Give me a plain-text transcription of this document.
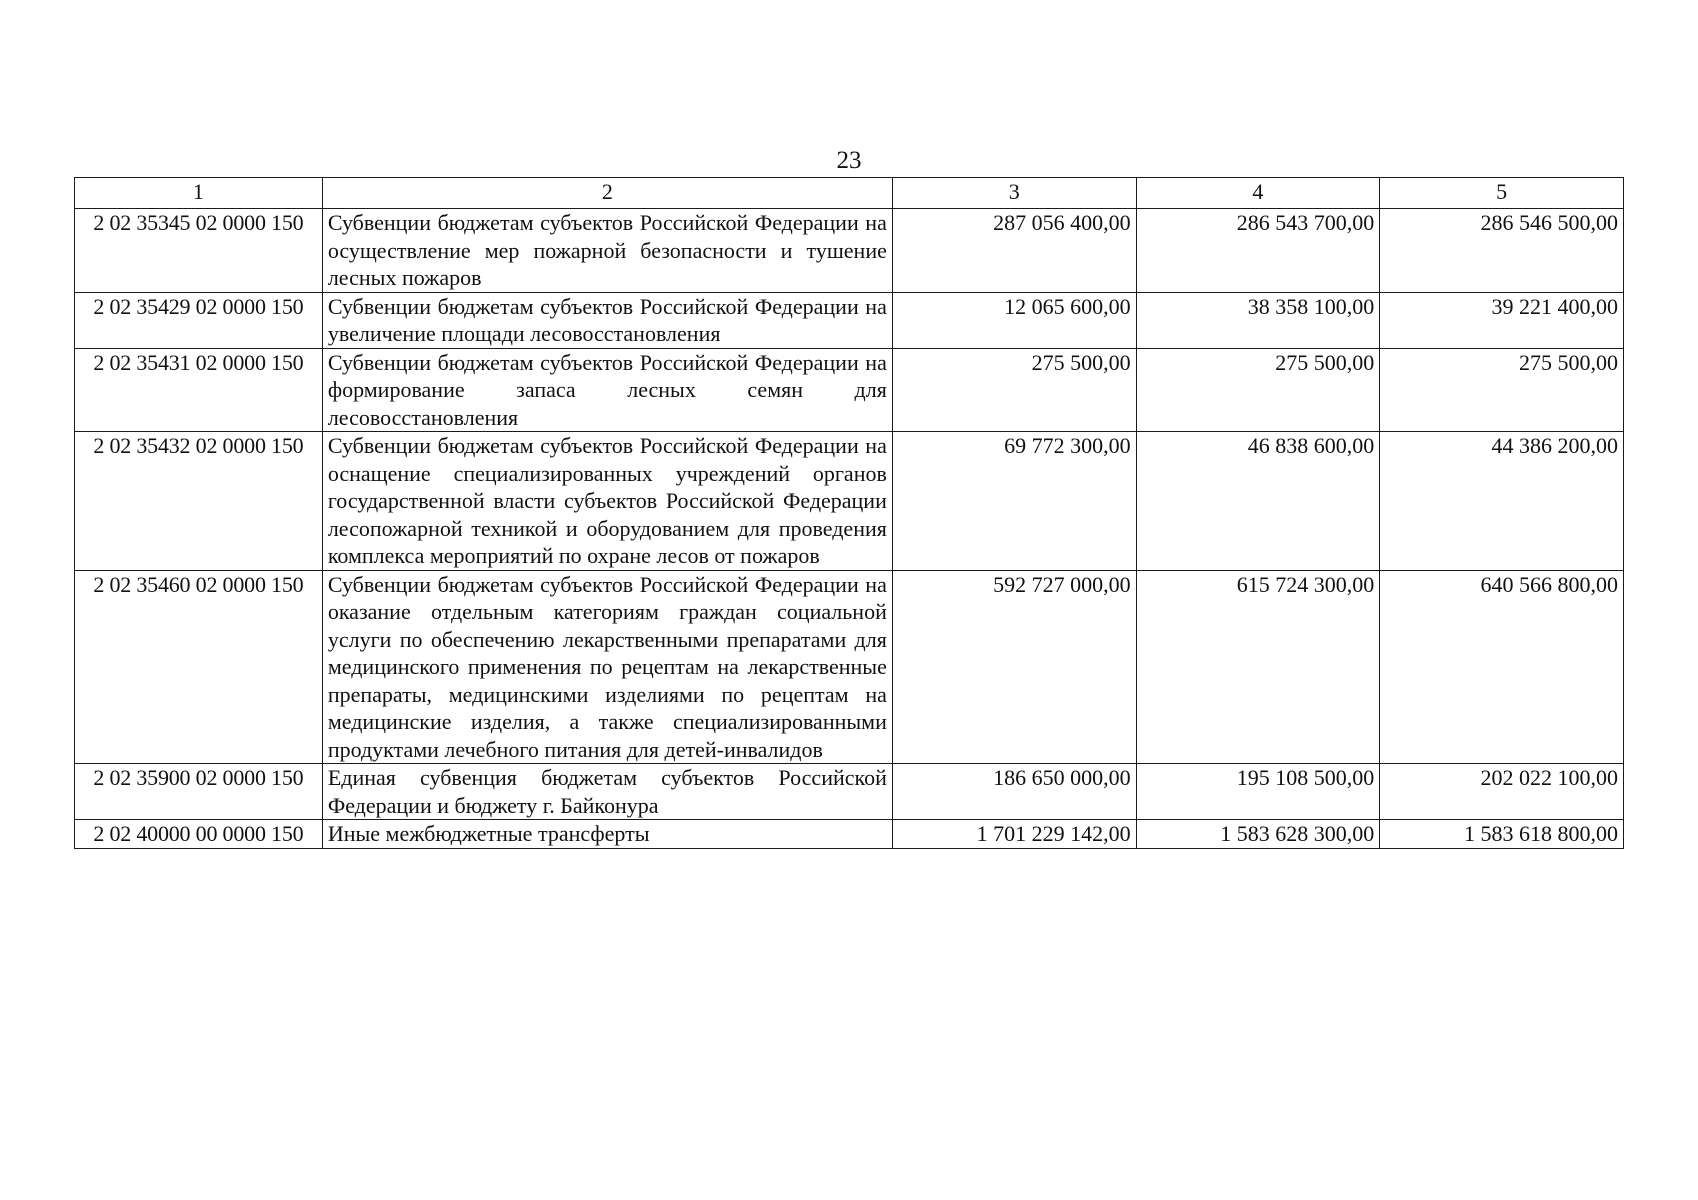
23
1	2	3	4	5
2 02 35345 02 0000 150	Субвенции бюджетам субъектов Российской Федерации на осуществление мер пожарной безопасности и тушение лесных пожаров	287 056 400,00	286 543 700,00	286 546 500,00
2 02 35429 02 0000 150	Субвенции бюджетам субъектов Российской Федерации на увеличение площади лесовосстановления	12 065 600,00	38 358 100,00	39 221 400,00
2 02 35431 02 0000 150	Субвенции бюджетам субъектов Российской Федерации на формирование запаса лесных семян для лесовосстановления	275 500,00	275 500,00	275 500,00
2 02 35432 02 0000 150	Субвенции бюджетам субъектов Российской Федерации на оснащение специализированных учреждений органов государственной власти субъектов Российской Федерации лесопожарной техникой и оборудованием для проведения комплекса мероприятий по охране лесов от пожаров	69 772 300,00	46 838 600,00	44 386 200,00
2 02 35460 02 0000 150	Субвенции бюджетам субъектов Российской Федерации на оказание отдельным категориям граждан социальной услуги по обеспечению лекарственными препаратами для медицинского применения по рецептам на лекарственные препараты, медицинскими изделиями по рецептам на медицинские изделия, а также специализированными продуктами лечебного питания для детей-инвалидов	592 727 000,00	615 724 300,00	640 566 800,00
2 02 35900 02 0000 150	Единая субвенция бюджетам субъектов Российской Федерации и бюджету г. Байконура	186 650 000,00	195 108 500,00	202 022 100,00
2 02 40000 00 0000 150	Иные межбюджетные трансферты	1 701 229 142,00	1 583 628 300,00	1 583 618 800,00
